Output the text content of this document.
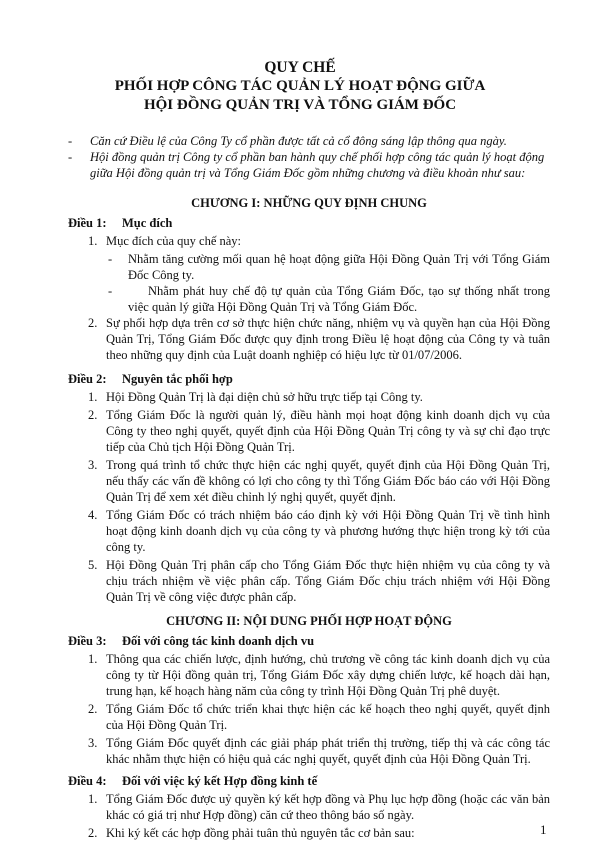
QUY CHẾ
PHỐI HỢP CÔNG TÁC QUẢN LÝ HOẠT ĐỘNG GIỮA
HỘI ĐỒNG QUẢN TRỊ VÀ TỔNG GIÁM ĐỐC
- Căn cứ Điều lệ của Công Ty cổ phần được tất cả cổ đông sáng lập thông qua ngày.
- Hội đồng quản trị Công ty cổ phần ban hành quy chế phối hợp công tác quản lý hoạt động giữa Hội đồng quản trị và Tổng Giám Đốc gồm những chương và điều khoản như sau:
CHƯƠNG I: NHỮNG QUY ĐỊNH CHUNG
Điều 1: Mục đích
1. Mục đích của quy chế này:
- Nhằm tăng cường mối quan hệ hoạt động giữa Hội Đồng Quản Trị với Tổng Giám Đốc Công ty.
-	Nhằm phát huy chế độ tự quản của Tổng Giám Đốc, tạo sự thống nhất trong việc quản lý giữa Hội Đồng Quản Trị và Tổng Giám Đốc.
2. Sự phối hợp dựa trên cơ sở thực hiện chức năng, nhiệm vụ và quyền hạn của Hội Đồng Quản Trị, Tổng Giám Đốc được quy định trong Điều lệ hoạt động của Công ty và tuân theo những quy định của Luật doanh nghiệp có hiệu lực từ 01/07/2006.
Điều 2: Nguyên tắc phối hợp
1. Hội Đồng Quản Trị là đại diện chủ sở hữu trực tiếp tại Công ty.
2. Tổng Giám Đốc là người quản lý, điều hành mọi hoạt động kinh doanh dịch vụ của Công ty theo nghị quyết, quyết định của Hội Đồng Quản Trị công ty và sự chỉ đạo trực tiếp của Chủ tịch Hội Đồng Quản Trị.
3. Trong quá trình tổ chức thực hiện các nghị quyết, quyết định của Hội Đồng Quản Trị, nếu thấy các vấn đề không có lợi cho công ty thì Tổng Giám Đốc báo cáo với Hội Đồng Quản Trị để xem xét điều chỉnh lý nghị quyết, quyết định.
4. Tổng Giám Đốc có trách nhiệm báo cáo định kỳ với Hội Đồng Quản Trị về tình hình hoạt động kinh doanh dịch vụ của công ty và phương hướng thực hiện trong kỳ tới của công ty.
5. Hội Đồng Quản Trị phân cấp cho Tổng Giám Đốc thực hiện nhiệm vụ của công ty và chịu trách nhiệm về việc phân cấp. Tổng Giám Đốc chịu trách nhiệm với Hội Đồng Quản Trị về công việc được phân cấp.
CHƯƠNG II: NỘI DUNG PHỐI HỢP HOẠT ĐỘNG
Điều 3: Đối với công tác kinh doanh dịch vu
1. Thông qua các chiến lược, định hướng, chủ trương về công tác kinh doanh dịch vụ của công ty từ Hội đồng quản trị, Tổng Giám Đốc xây dựng chiến lược, kế hoạch dài hạn, trung hạn, kế hoạch hàng năm của công ty trình Hội Đồng Quản Trị phê duyệt.
2. Tổng Giám Đốc tổ chức triển khai thực hiện các kế hoạch theo nghị quyết, quyết định của Hội Đồng Quản Trị.
3. Tổng Giám Đốc quyết định các giải pháp phát triển thị trường, tiếp thị và các công tác khác nhằm thực hiện có hiệu quả các nghị quyết, quyết định của Hội Đồng Quản Trị.
Điều 4: Đối với việc ký kết Hợp đồng kinh tế
1. Tổng Giám Đốc được uỷ quyền ký kết hợp đồng và Phụ lục hợp đồng (hoặc các văn bản khác có giá trị như Hợp đồng) căn cứ theo thông báo số ngày.
2. Khi ký kết các hợp đồng phải tuân thủ nguyên tắc cơ bản sau:	1
